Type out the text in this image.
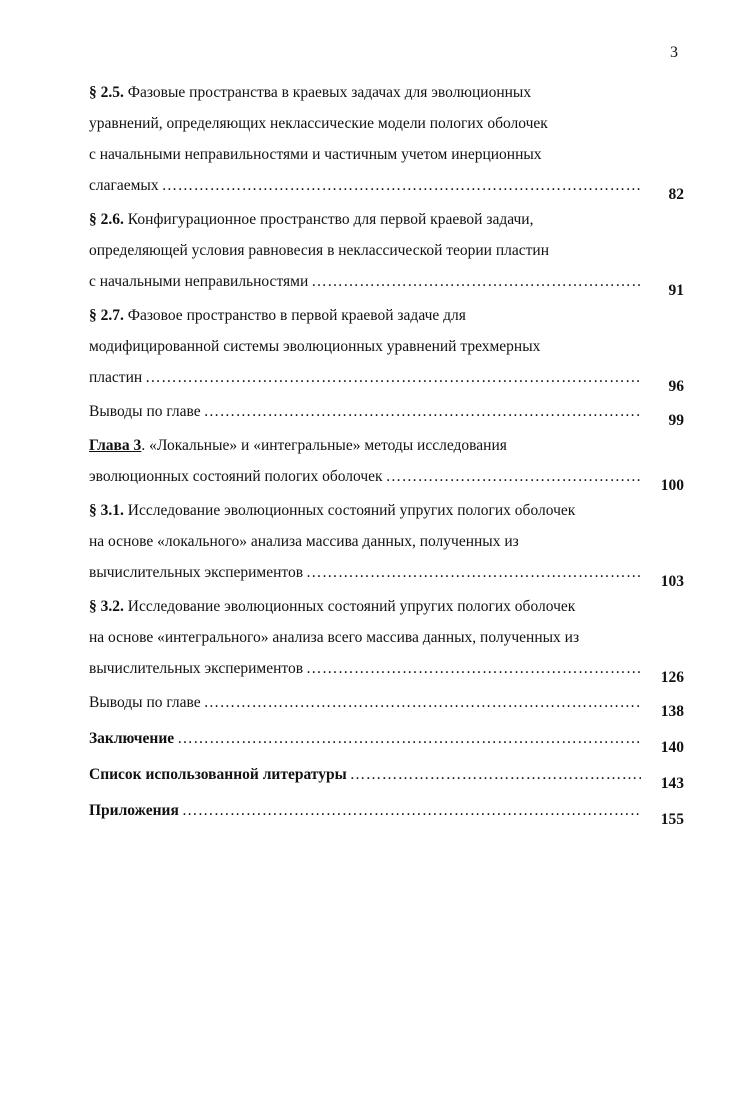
3
§ 2.5. Фазовые пространства в краевых задачах для эволюционных
уравнений, определяющих неклассические модели пологих оболочек
с начальными неправильностями и частичным учетом инерционных
слагаемых
……………………………………………………………………………………………………………………………………………
82
§ 2.6. Конфигурационное пространство для первой краевой задачи,
определяющей условия равновесия в неклассической теории пластин
с начальными неправильностями
……………………………………………………………………………………………………………………………………………
91
§ 2.7. Фазовое пространство в первой краевой задаче для
модифицированной системы эволюционных уравнений трехмерных
пластин
……………………………………………………………………………………………………………………………………………
96
Выводы по главе
……………………………………………………………………………………………………………………………………………
99
Глава 3. «Локальные» и «интегральные» методы исследования
эволюционных состояний пологих оболочек
……………………………………………………………………………………………………………………………………………
100
§ 3.1. Исследование эволюционных состояний упругих пологих оболочек
на основе «локального» анализа массива данных, полученных из
вычислительных экспериментов
……………………………………………………………………………………………………………………………………………
103
§ 3.2. Исследование эволюционных состояний упругих пологих оболочек
на основе «интегрального» анализа всего массива данных, полученных из
вычислительных экспериментов
……………………………………………………………………………………………………………………………………………
126
Выводы по главе
……………………………………………………………………………………………………………………………………………
138
Заключение
……………………………………………………………………………………………………………………………………………
140
Список использованной литературы
……………………………………………………………………………………………………………………………………………
143
Приложения
……………………………………………………………………………………………………………………………………………
155
